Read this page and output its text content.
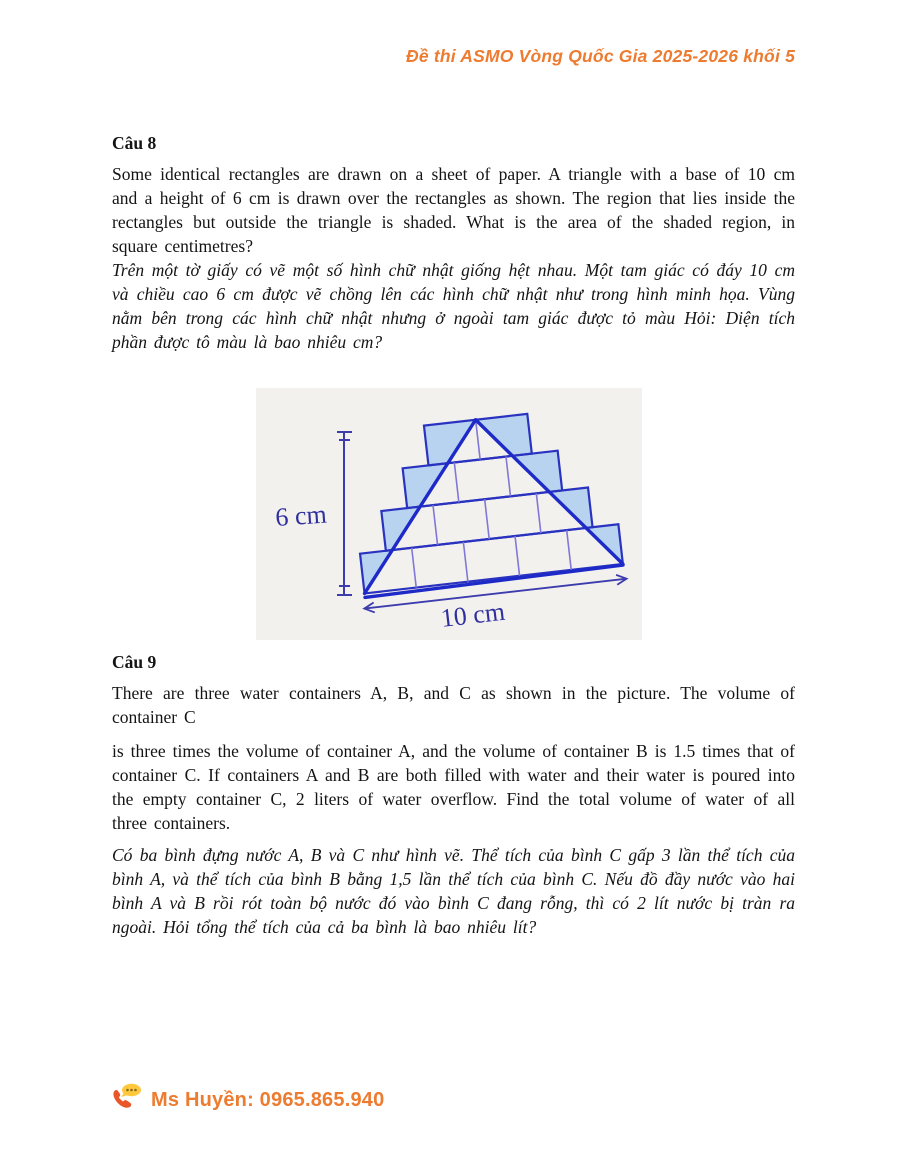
Đề thi ASMO Vòng Quốc Gia 2025-2026 khối 5
Câu 8
Some identical rectangles are drawn on a sheet of paper. A triangle with a base of 10 cm and a height of 6 cm is drawn over the rectangles as shown. The region that lies inside the rectangles but outside the triangle is shaded. What is the area of the shaded region, in square centimetres?
Trên một tờ giấy có vẽ một số hình chữ nhật giống hệt nhau. Một tam giác có đáy 10 cm và chiều cao 6 cm được vẽ chồng lên các hình chữ nhật như trong hình minh họa. Vùng nằm bên trong các hình chữ nhật nhưng ở ngoài tam giác được tỏ màu Hỏi: Diện tích phần được tô màu là bao nhiêu cm?
6 cm
10 cm
Câu 9
There are three water containers A, B, and C as shown in the picture. The volume of container C
is three times the volume of container A, and the volume of container B is 1.5 times that of container C. If containers A and B are both filled with water and their water is poured into the empty container C, 2 liters of water overflow. Find the total volume of water of all three containers.
Có ba bình đựng nước A, B và C như hình vẽ. Thể tích của bình C gấp 3 lần thể tích của bình A, và thể tích của bình B bằng 1,5 lần thể tích của bình C. Nếu đồ đầy nước vào hai bình A và B rồi rót toàn bộ nước đó vào bình C đang rỗng, thì có 2 lít nước bị tràn ra ngoài. Hỏi tổng thể tích của cả ba bình là bao nhiêu lít?
Ms Huyền: 0965.865.940
